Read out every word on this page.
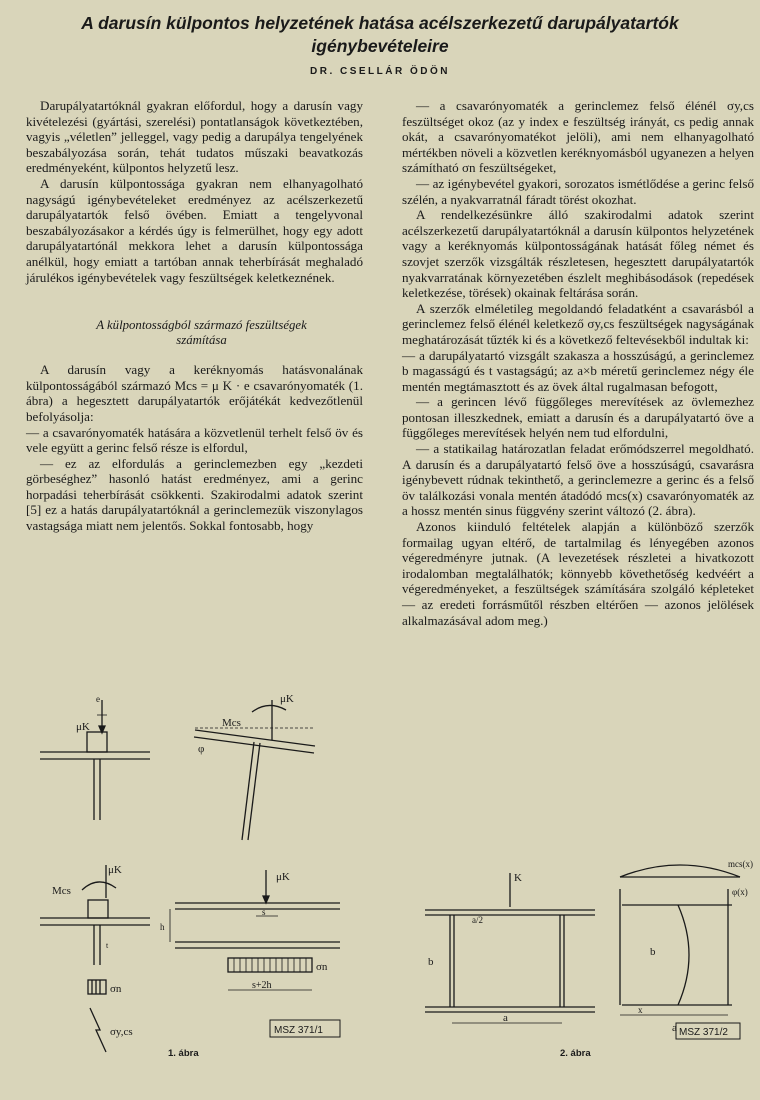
A darusín külpontos helyzetének hatása acélszerkezetű darupályatartók
igénybevételeire
DR. CSELLÁR ÖDÖN

Darupályatartóknál gyakran előfordul, hogy a darusín vagy kivételezési (gyártási, szerelési) pontatlanságok következtében, vagyis „véletlen” jelleggel, vagy pedig a darupálya tengelyének beszabályozása során, tehát tudatos műszaki beavatkozás eredményeként, külpontos helyzetű lesz.

A darusín külpontossága gyakran nem elhanyagolható nagyságú igénybevételeket eredményez az acélszerkezetű darupályatartók felső övében. Emiatt a tengelyvonal beszabályozásakor a kérdés úgy is felmerülhet, hogy egy adott darupályatartónál mekkora lehet a darusín külpontossága anélkül, hogy emiatt a tartóban annak teherbírását meghaladó járulékos igénybevételek vagy feszültségek keletkeznének.

A külpontosságból származó feszültségek

számítása

A darusín vagy a keréknyomás hatásvonalának külpontosságából származó Mcs = μ K · e csavarónyomaték (1. ábra) a hegesztett darupályatartók erőjátékát kedvezőtlenül befolyásolja:

— a csavarónyomaték hatására a közvetlenül terhelt felső öv és vele együtt a gerinc felső része is elfordul,

— ez az elfordulás a gerinclemezben egy „kezdeti görbeséghez” hasonló hatást eredményez, ami a gerinc horpadási teherbírását csökkenti. Szakirodalmi adatok szerint [5] ez a hatás darupályatartóknál a gerinclemezük viszonylagos vastagsága miatt nem jelentős. Sokkal fontosabb, hogy

— a csavarónyomaték a gerinclemez felső élénél σy,cs feszültséget okoz (az y index e feszültség irányát, cs pedig annak okát, a csavarónyomatékot jelöli), ami nem elhanyagolható mértékben növeli a közvetlen keréknyomásból ugyanezen a helyen számítható σn feszültségeket,

— az igénybevétel gyakori, sorozatos ismétlődése a gerinc felső szélén, a nyakvarratnál fáradt törést okozhat.

A rendelkezésünkre álló szakirodalmi adatok szerint acélszerkezetű darupályatartóknál a darusín külpontos helyzetének vagy a keréknyomás külpontosságának hatását főleg német és szovjet szerzők vizsgálták részletesen, hegesztett darupályatartók nyakvarratának környezetében észlelt meghibásodások (repedések keletkezése, törések) okainak feltárása során.

A szerzők elméletileg megoldandó feladatként a csavarásból a gerinclemez felső élénél keletkező σy,cs feszültségek nagyságának meghatározását tűzték ki és a következő feltevésekből indultak ki:

— a darupályatartó vizsgált szakasza a hosszúságú, a gerinclemez b magasságú és t vastagságú; az a×b méretű gerinclemez négy éle mentén megtámasztott és az övek által rugalmasan befogott,

— a gerincen lévő függőleges merevítések az övlemezhez pontosan illeszkednek, emiatt a darusín és a darupályatartó öve a függőleges merevítések helyén nem tud elfordulni,

— a statikailag határozatlan feladat erőmódszerrel megoldható. A darusín és a darupályatartó felső öve a hosszúságú, csavarásra igénybevett rúdnak tekinthető, a gerinclemezre a gerinc és a felső öv találkozási vonala mentén átadódó mcs(x) csavarónyomaték az a hossz mentén sinus függvény szerint változó (2. ábra).

Azonos kiinduló feltételek alapján a különböző szerzők formailag ugyan eltérő, de tartalmilag és lényegében azonos végeredményre jutnak. (A levezetések részletei a hivatkozott irodalomban megtalálhatók; könnyebb követhetőség kedvéért a végeredményeket, a feszültségek számítására szolgáló képleteket — az eredeti forrásműtől részben eltérően — azonos jelölések alkalmazásával adom meg.)

e
μK	Mcs
μK
φ
μK
Mcs
t
σn
σy,cs
μK
s
h
σn
s+2h
MSZ 371/1
1. ábra
K
a/2
b
a
mcs(x)
φ(x)
b
a
x
MSZ 371/2
2. ábra
